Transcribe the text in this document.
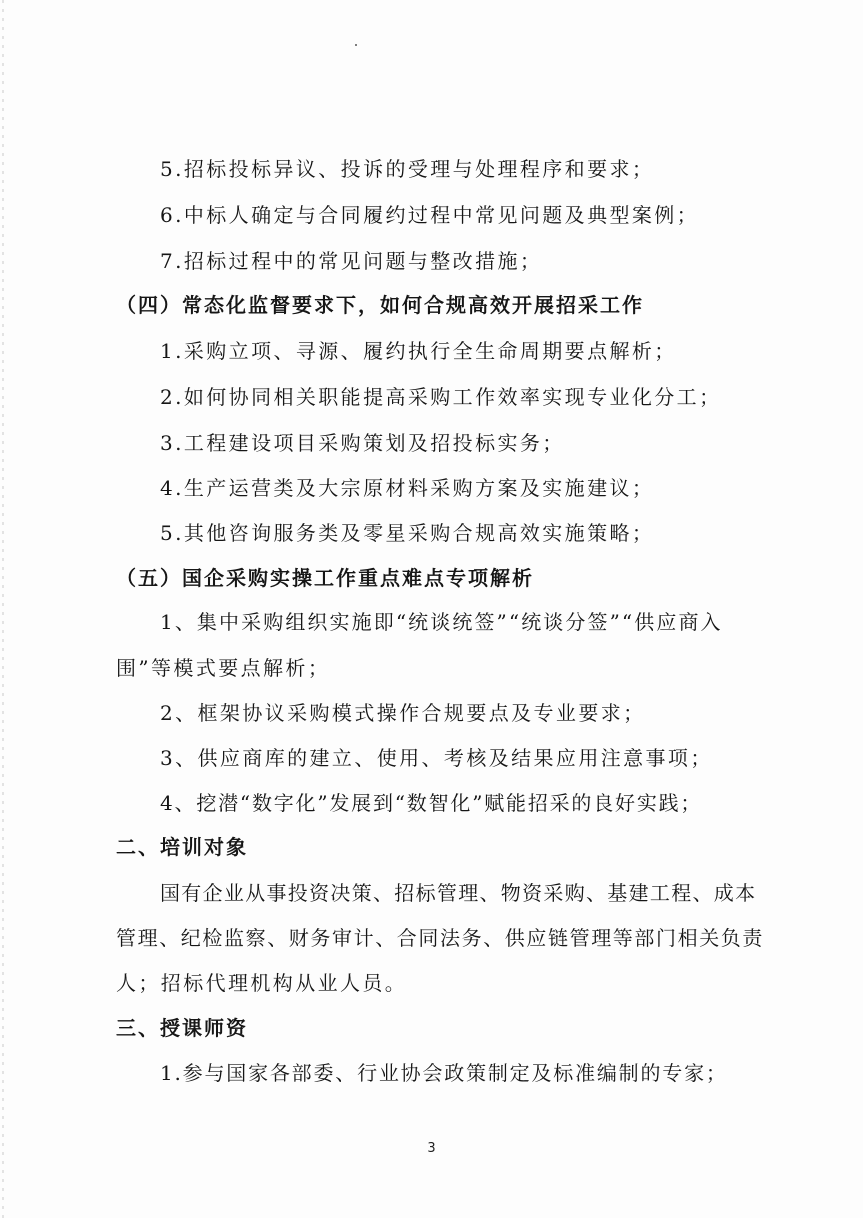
5.招标投标异议、投诉的受理与处理程序和要求；
6.中标人确定与合同履约过程中常见问题及典型案例；
7.招标过程中的常见问题与整改措施；
（四）常态化监督要求下，如何合规高效开展招采工作
1.采购立项、寻源、履约执行全生命周期要点解析；
2.如何协同相关职能提高采购工作效率实现专业化分工；
3.工程建设项目采购策划及招投标实务；
4.生产运营类及大宗原材料采购方案及实施建议；
5.其他咨询服务类及零星采购合规高效实施策略；
（五）国企采购实操工作重点难点专项解析
1、集中采购组织实施即“统谈统签”“统谈分签”“供应商入
围”等模式要点解析；
2、框架协议采购模式操作合规要点及专业要求；
3、供应商库的建立、使用、考核及结果应用注意事项；
4、挖潜“数字化”发展到“数智化”赋能招采的良好实践；
二、培训对象
国有企业从事投资决策、招标管理、物资采购、基建工程、成本
管理、纪检监察、财务审计、合同法务、供应链管理等部门相关负责
人；招标代理机构从业人员。
三、授课师资
1.参与国家各部委、行业协会政策制定及标准编制的专家；
3
